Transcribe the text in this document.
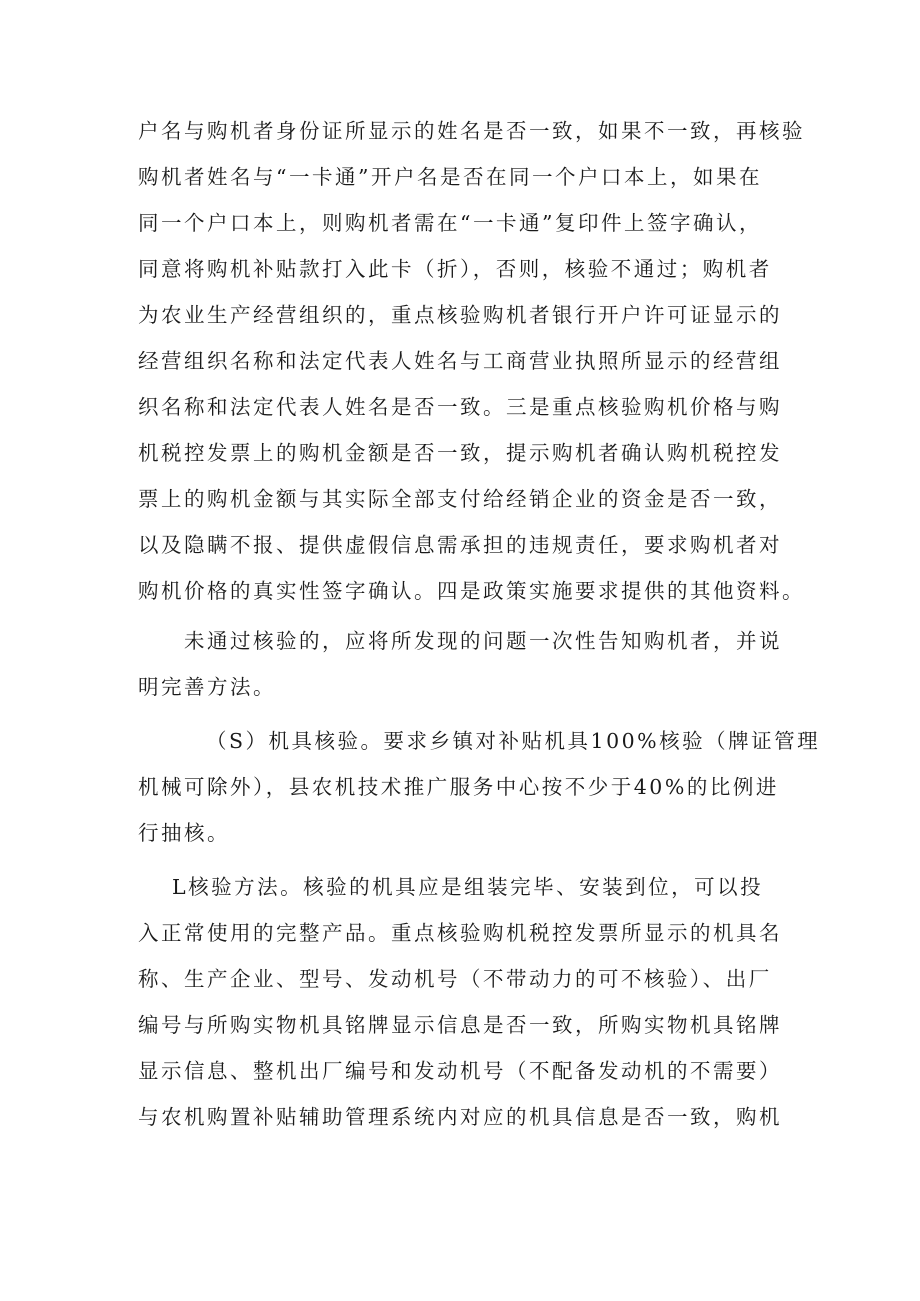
户名与购机者身份证所显示的姓名是否一致，如果不一致，再核验
购机者姓名与“一卡通”开户名是否在同一个户口本上，如果在
同一个户口本上，则购机者需在“一卡通”复印件上签字确认，
同意将购机补贴款打入此卡（折），否则，核验不通过；购机者
为农业生产经营组织的，重点核验购机者银行开户许可证显示的
经营组织名称和法定代表人姓名与工商营业执照所显示的经营组
织名称和法定代表人姓名是否一致。三是重点核验购机价格与购
机税控发票上的购机金额是否一致，提示购机者确认购机税控发
票上的购机金额与其实际全部支付给经销企业的资金是否一致，
以及隐瞒不报、提供虚假信息需承担的违规责任，要求购机者对
购机价格的真实性签字确认。四是政策实施要求提供的其他资料。
未通过核验的，应将所发现的问题一次性告知购机者，并说
明完善方法。
（S）机具核验。要求乡镇对补贴机具100%核验（牌证管理
机械可除外），县农机技术推广服务中心按不少于40%的比例进
行抽核。
L核验方法。核验的机具应是组装完毕、安装到位，可以投
入正常使用的完整产品。重点核验购机税控发票所显示的机具名
称、生产企业、型号、发动机号（不带动力的可不核验）、出厂
编号与所购实物机具铭牌显示信息是否一致，所购实物机具铭牌
显示信息、整机出厂编号和发动机号（不配备发动机的不需要）
与农机购置补贴辅助管理系统内对应的机具信息是否一致，购机
